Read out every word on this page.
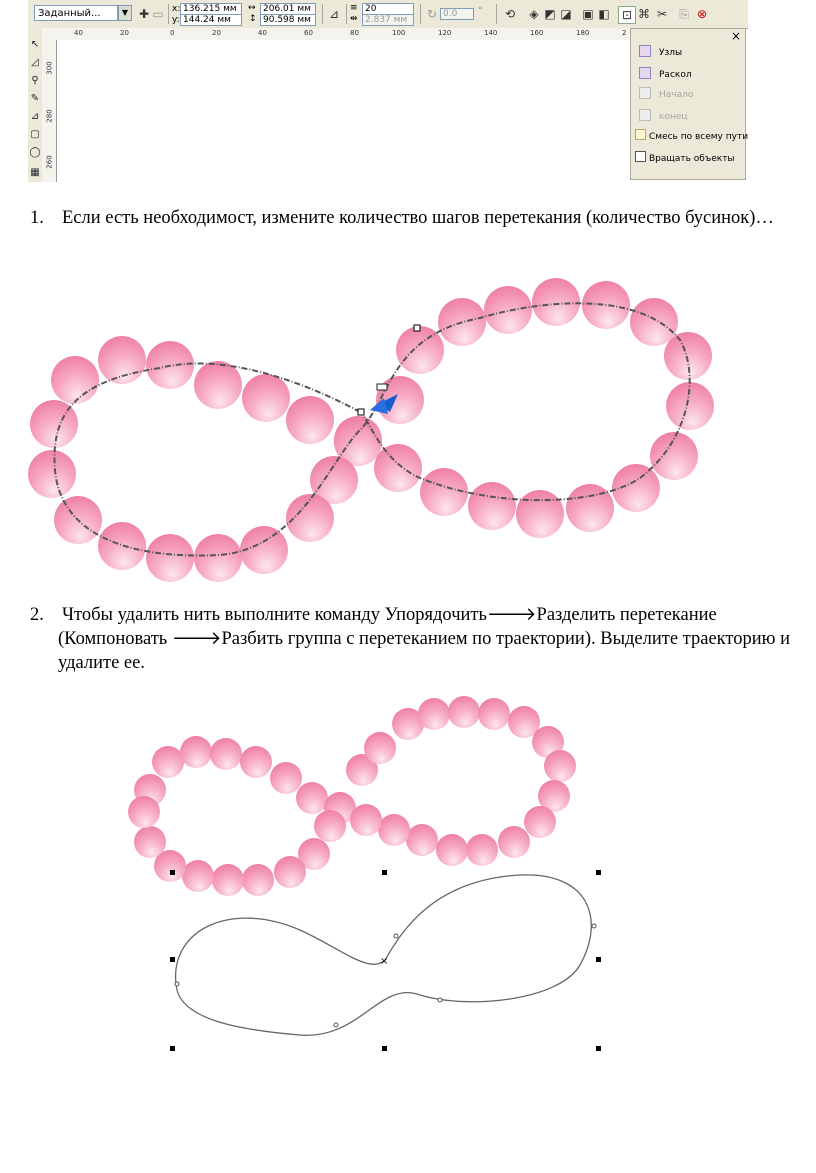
Заданный...	▼ ✚ ▭ x: 136.215 мм
y: 144.24 мм
↔ 206.01 мм
↕ 90.598 мм	⊿	≡ 20
⇹ 2.837 мм	↻ 0.0	° ⟲ ◈ ◩ ◪ ▣ ◧	⊡ ⌘ ✂ ⎘ ⊗
↖
◿
⚲
✎
⊿
▢
◯
▦
40	20	0	20	40	60	80	100	120	140	160	180	2
300
280
260
×
Узлы
Раскол
Начало
конец
Смесь по всему пути
Вращать объекты
1. Если есть необходимост, измените количество шагов перетекания (количество бусинок)…
2. Чтобы удалить нить выполните команду Упорядочить🡒Разделить перетекание (Компоновать 🡒Разбить группа с перетеканием по траектории). Выделите траекторию и удалите ее.
×
